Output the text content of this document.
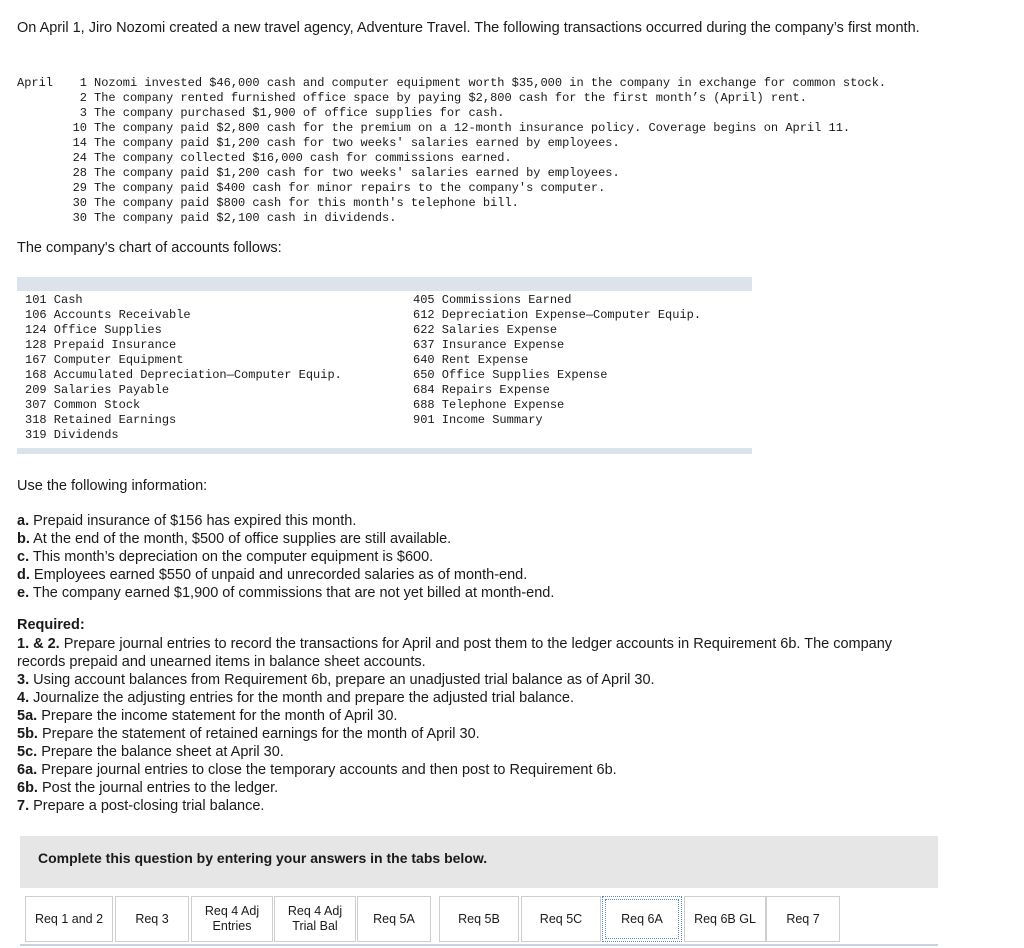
On April 1, Jiro Nozomi created a new travel agency, Adventure Travel. The following transactions occurred during the company’s first month.

April	1	Nozomi invested $46,000 cash and computer equipment worth $35,000 in the company in exchange for common stock.
	2	The company rented furnished office space by paying $2,800 cash for the first month’s (April) rent.
	3	The company purchased $1,900 of office supplies for cash.
	10	The company paid $2,800 cash for the premium on a 12-month insurance policy. Coverage begins on April 11.
	14	The company paid $1,200 cash for two weeks' salaries earned by employees.
	24	The company collected $16,000 cash for commissions earned.
	28	The company paid $1,200 cash for two weeks' salaries earned by employees.
	29	The company paid $400 cash for minor repairs to the company's computer.
	30	The company paid $800 cash for this month's telephone bill.
	30	The company paid $2,100 cash in dividends.

The company's chart of accounts follows:

101 Cash
106 Accounts Receivable
124 Office Supplies
128 Prepaid Insurance
167 Computer Equipment
168 Accumulated Depreciation—Computer Equip.
209 Salaries Payable
307 Common Stock
318 Retained Earnings
319 Dividends
405 Commissions Earned
612 Depreciation Expense—Computer Equip.
622 Salaries Expense
637 Insurance Expense
640 Rent Expense
650 Office Supplies Expense
684 Repairs Expense
688 Telephone Expense
901 Income Summary

Use the following information:

a. Prepaid insurance of $156 has expired this month.
b. At the end of the month, $500 of office supplies are still available.
c. This month’s depreciation on the computer equipment is $600.
d. Employees earned $550 of unpaid and unrecorded salaries as of month-end.
e. The company earned $1,900 of commissions that are not yet billed at month-end.

Required:

1. & 2. Prepare journal entries to record the transactions for April and post them to the ledger accounts in Requirement 6b. The company records prepaid and unearned items in balance sheet accounts.
3. Using account balances from Requirement 6b, prepare an unadjusted trial balance as of April 30.
4. Journalize the adjusting entries for the month and prepare the adjusted trial balance.
5a. Prepare the income statement for the month of April 30.
5b. Prepare the statement of retained earnings for the month of April 30.
5c. Prepare the balance sheet at April 30.
6a. Prepare journal entries to close the temporary accounts and then post to Requirement 6b.
6b. Post the journal entries to the ledger.
7. Prepare a post-closing trial balance.

Complete this question by entering your answers in the tabs below.

Req 1 and 2	Req 3
Req 4 Adj Entries
Req 4 Adj Trial Bal
Req 5A	Req 5B	Req 5C	Req 6A	Req 6B GL	Req 7
